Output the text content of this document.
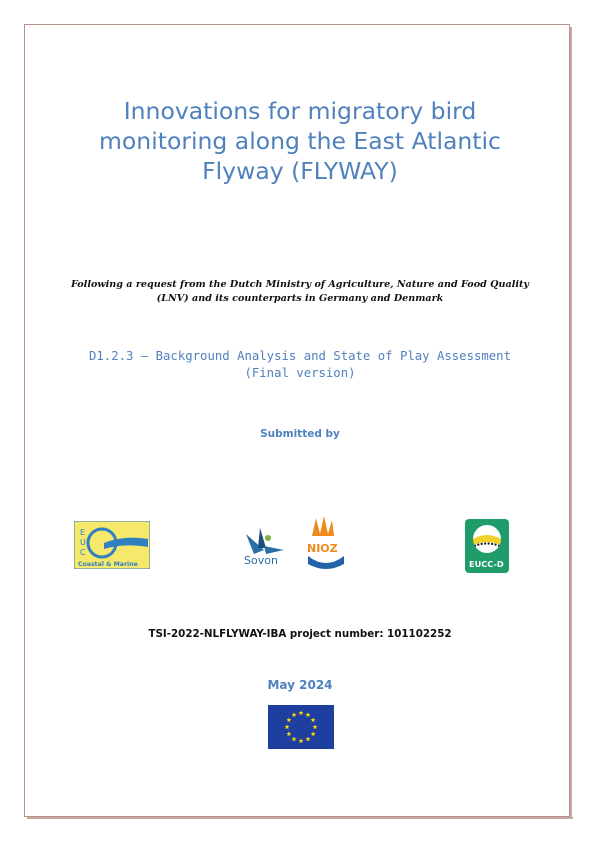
Innovations for migratory bird
monitoring along the East Atlantic
Flyway (FLYWAY)
Following a request from the Dutch Ministry of Agriculture, Nature and Food Quality
(LNV) and its counterparts in Germany and Denmark
D1.2.3 – Background Analysis and State of Play Assessment
(Final version)
Submitted by
E
U
C
Coastal & Marine	Sovon
NIOZ
EUCC-D
TSI-2022-NLFLYWAY-IBA project number: 101102252
May 2024
